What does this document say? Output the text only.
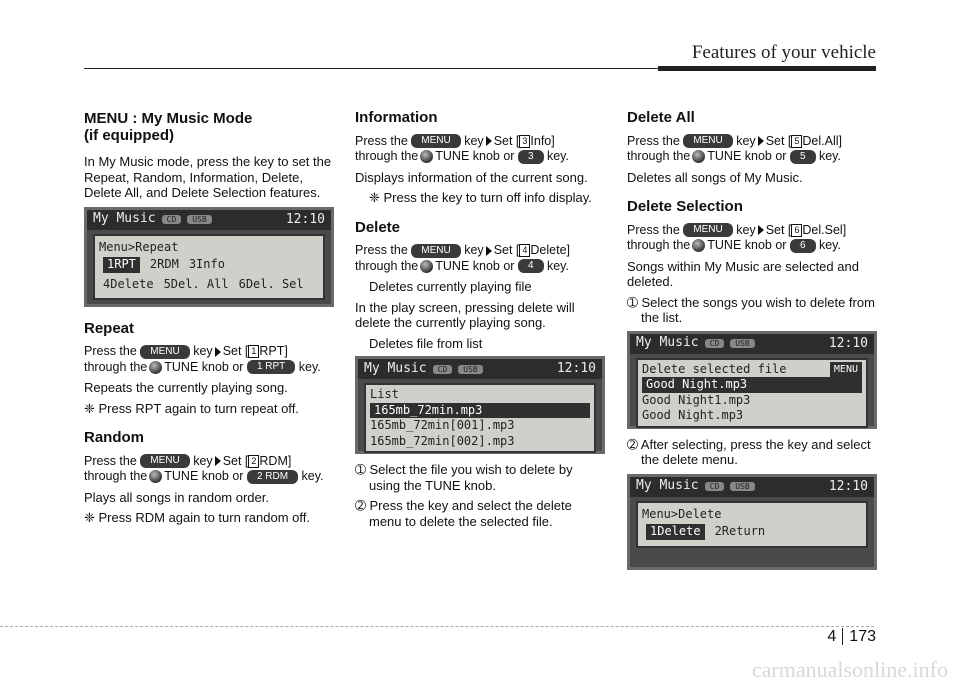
Features of your vehicle
MENU : My Music Mode
(if equipped)

In My Music mode, press the key to set the Repeat, Random, Information, Delete, Delete All, and Delete Selection features.

My Music CD USB	12:10
Menu>Repeat
1RPT	2RDM 3Info
4Delete 5Del. All 6Del. Sel
Repeat

Press the MENU key Set [ 1 RPT]
through the TUNE knob or 1 RPT key.

Repeats the currently playing song.

❈ Press RPT again to turn repeat off.

Random

Press the MENU key Set [ 2 RDM]
through the TUNE knob or 2 RDM key.

Plays all songs in random order.

❈ Press RDM again to turn random off.

Information

Press the MENU key Set [ 3 Info]
through the TUNE knob or 3 key.

Displays information of the current song.

❈ Press the key to turn off info display.

Delete

Press the MENU key Set [ 4 Delete]
through the TUNE knob or 4 key.

Deletes currently playing file

In the play screen, pressing delete will delete the currently playing song.

Deletes file from list

My Music CD USB	12:10
List
165mb_72min.mp3
165mb_72min[001].mp3
165mb_72min[002].mp3

➀ Select the file you wish to delete by using the TUNE knob.

➁ Press the key and select the delete menu to delete the selected file.

Delete All

Press the MENU key Set [ 5 Del.All]
through the TUNE knob or 5 key.

Deletes all songs of My Music.

Delete Selection

Press the MENU key Set [ 6 Del.Sel]
through the TUNE knob or 6 key.

Songs within My Music are selected and deleted.

➀ Select the songs you wish to delete from the list.

My Music CD USB	12:10
Delete selected file	MENU
Good Night.mp3
Good Night1.mp3
Good Night.mp3

➁ After selecting, press the key and select the delete menu.

My Music CD USB	12:10
Menu>Delete
1Delete	2Return
4 173
carmanualsonline.info
